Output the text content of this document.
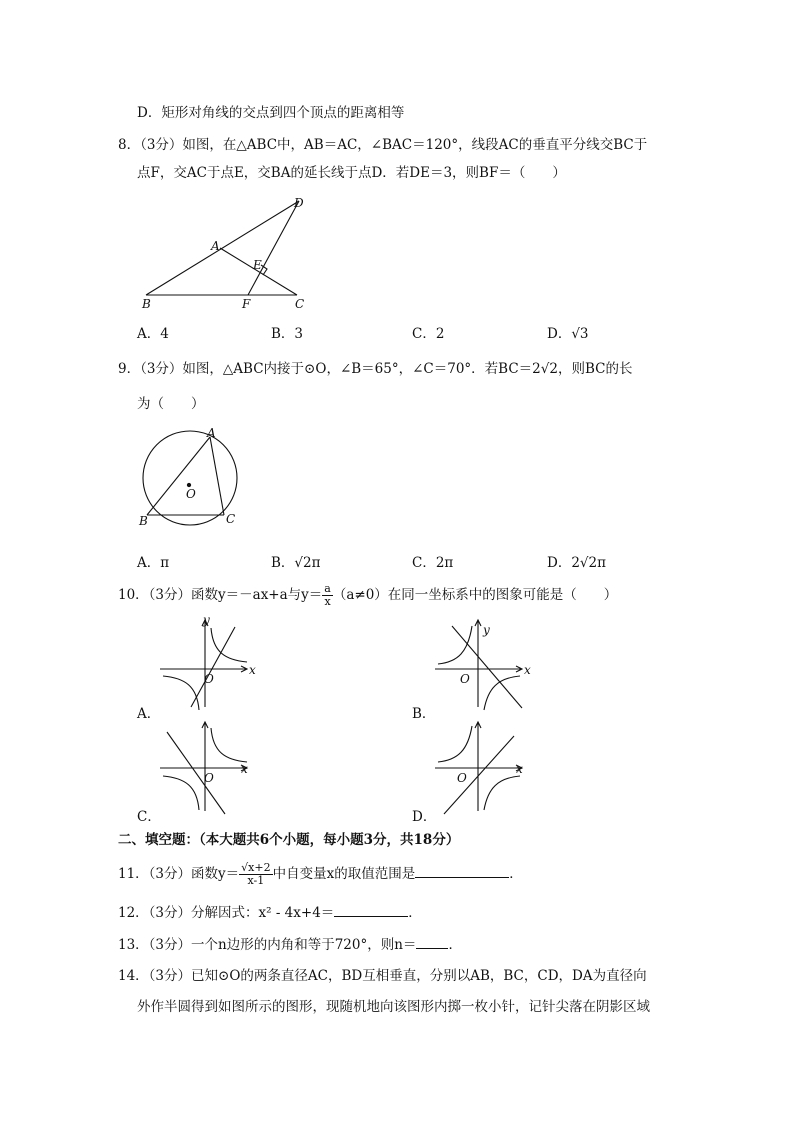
D．矩形对角线的交点到四个顶点的距离相等
8．（3分）如图，在△ABC中，AB＝AC，∠BAC＝120°，线段AC的垂直平分线交BC于
点F，交AC于点E，交BA的延长线于点D．若DE＝3，则BF＝（　　）
D
A
E
B	F	C
A．4	B．3	C．2	D．√3
9．（3分）如图，△ABC内接于⊙O，∠B＝65°，∠C＝70°．若BC＝2√2，则BC的长
为（　　）
A
O
B	C
A．π	B．√2π	C．2π	D．2√2π
10．（3分）函数y＝－ax+a与$y= \frac{a}{x} (a\ne 0)$在同一坐标系中的图象可能是（　　）
x
y
O
A．
x
y
O
B．
x
O
C．
x
O
D．
二、填空题：（本大题共6个小题，每小题3分，共18分）
11．（3分）函数$y= \frac{√x+2}{x-1}$ 中自变量x的取值范围是	．
12．（3分）分解因式：x² - 4x+4＝	．
13．（3分）一个n边形的内角和等于720°，则n＝ ．
14．（3分）已知⊙O的两条直径AC，BD互相垂直，分别以AB，BC，CD，DA为直径向
外作半圆得到如图所示的图形，现随机地向该图形内掷一枚小针，记针尖落在阴影区域
